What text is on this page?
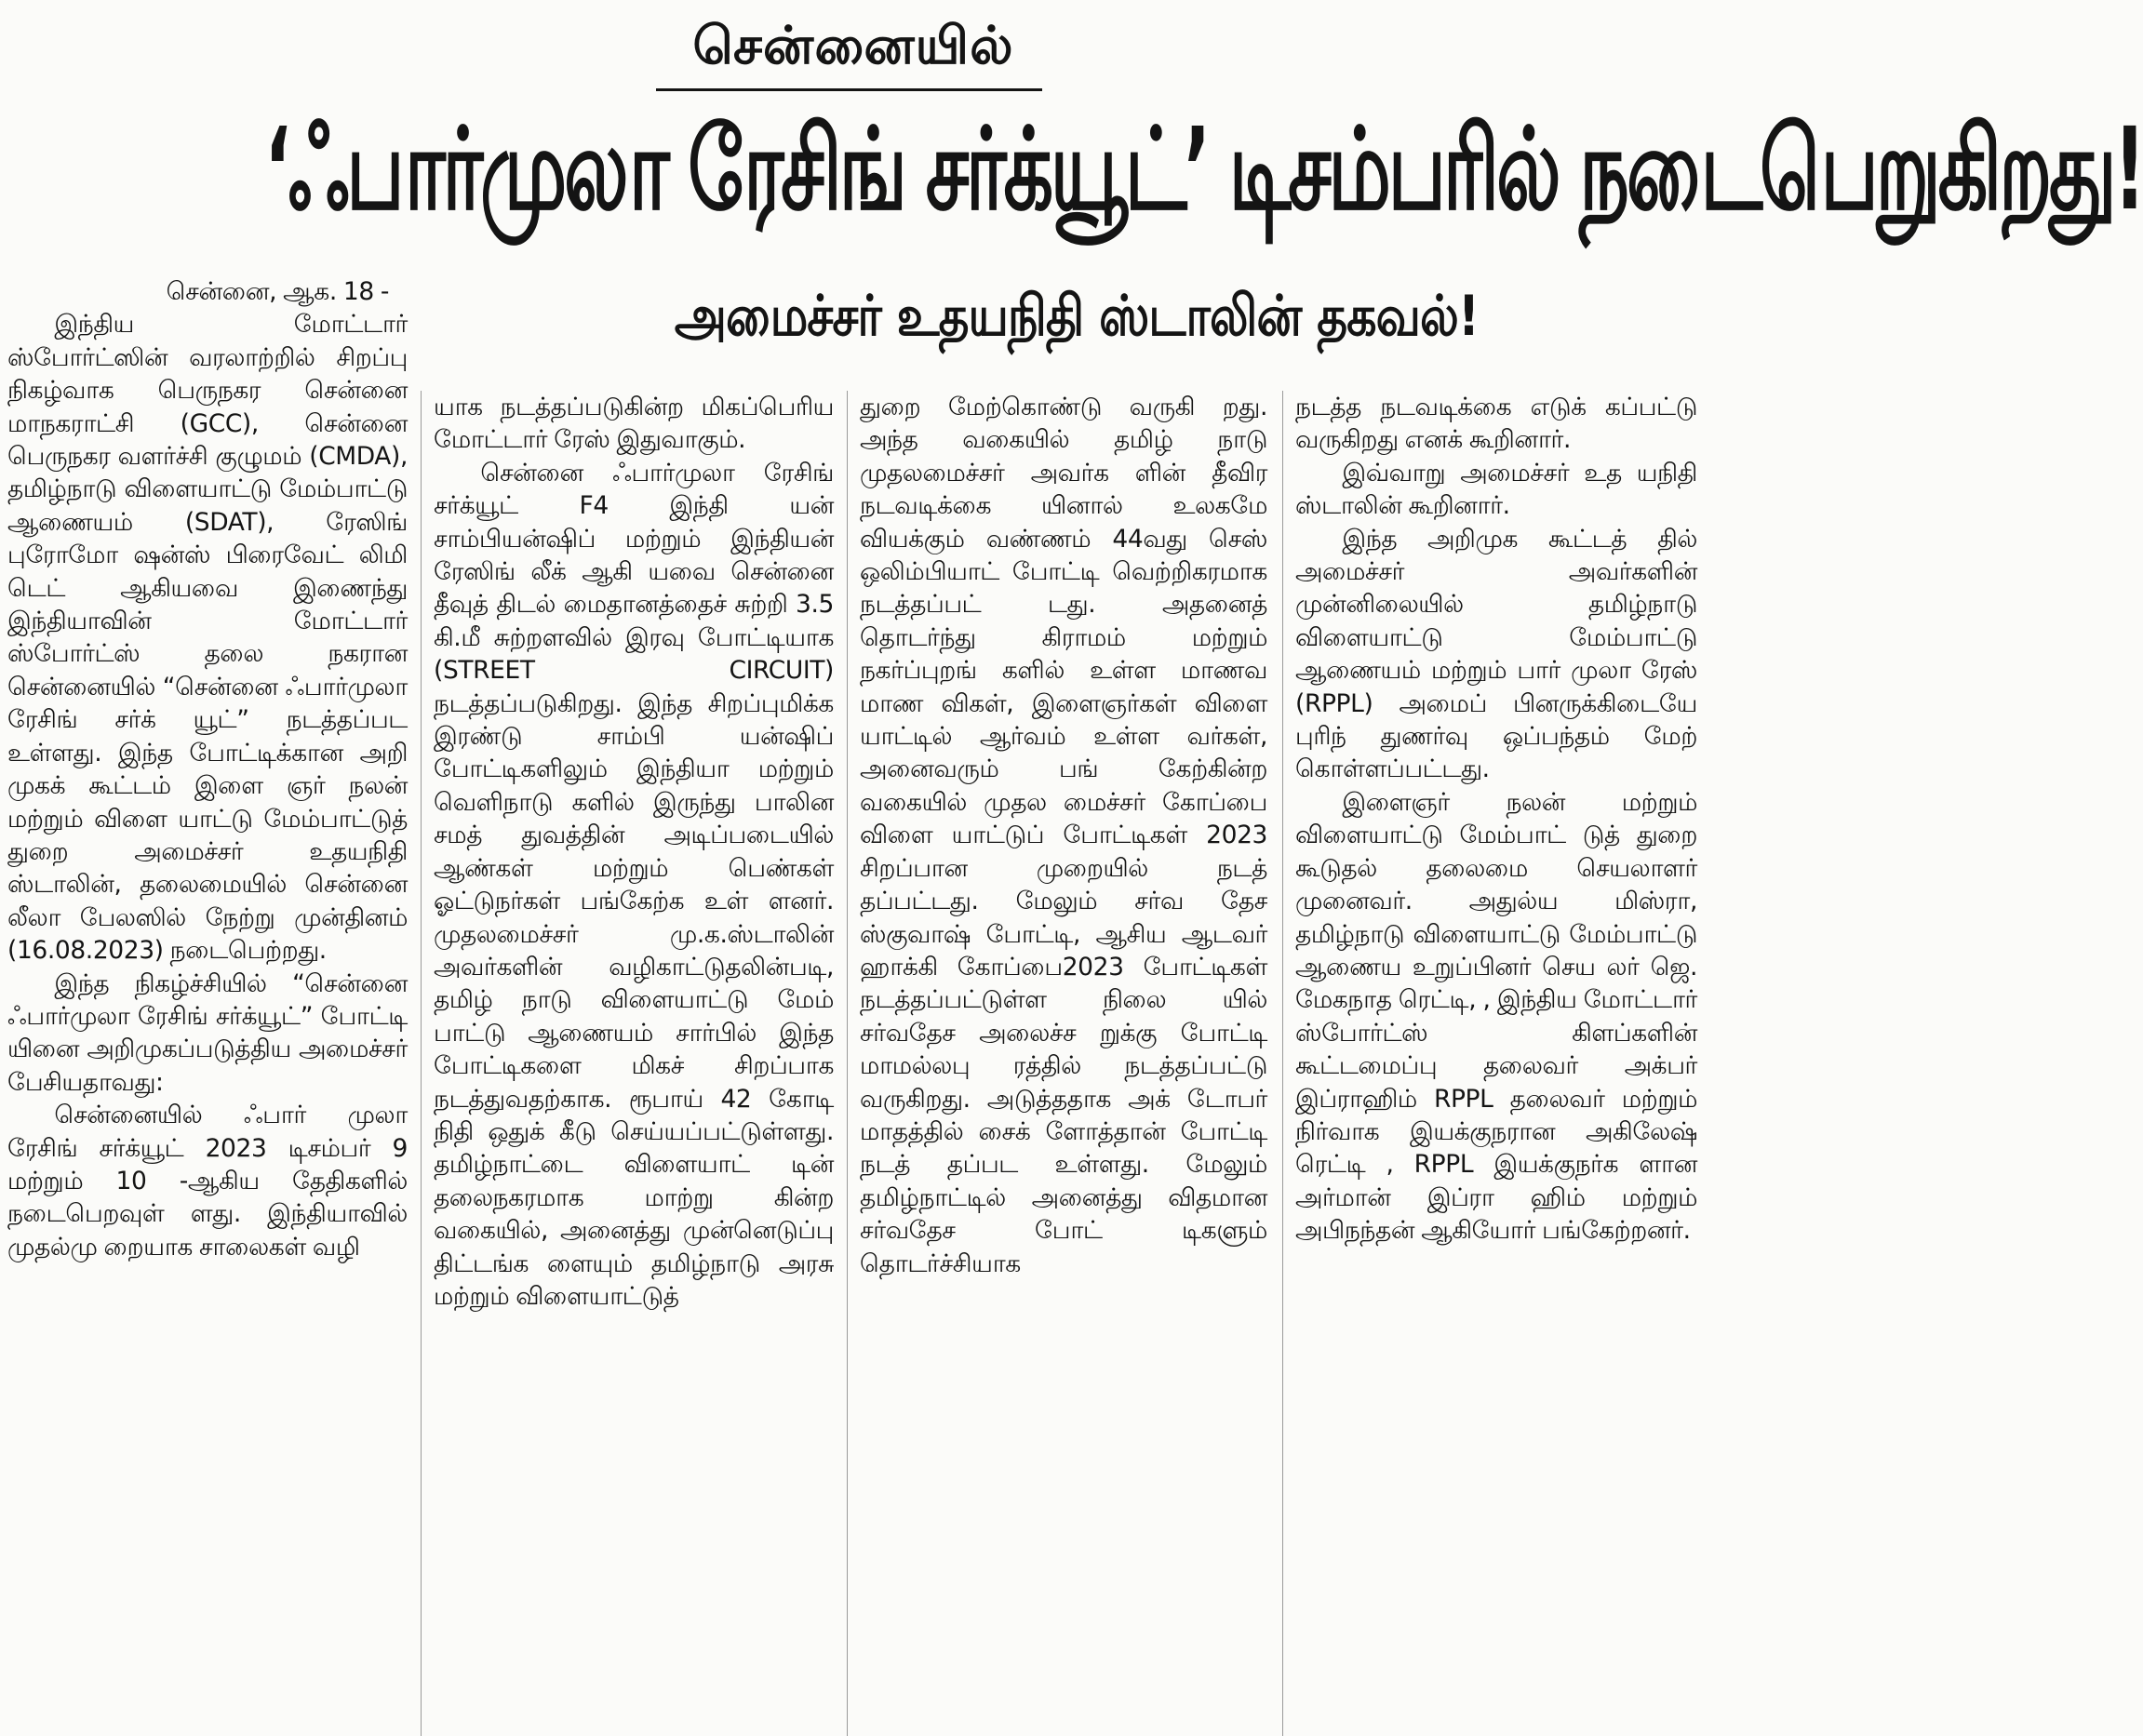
சென்னையில்
‘ஃபார்முலா ரேசிங் சர்க்யூட்’ டிசம்பரில் நடைபெறுகிறது!
அமைச்சர் உதயநிதி ஸ்டாலின் தகவல்!

சென்னை, ஆக. 18 -

இந்திய மோட்டார் ஸ்போர்ட்ஸின் வரலாற்றில் சிறப்பு நிகழ்வாக பெருநகர சென்னை மாநகராட்சி (GCC), சென்னை பெருநகர வளர்ச்சி குழுமம் (CMDA), தமிழ்நாடு விளையாட்டு மேம்பாட்டு ஆணையம் (SDAT), ரேஸிங் புரோமோ ஷன்ஸ் பிரைவேட் லிமி டெட் ஆகியவை இணைந்து இந்தியாவின் மோட்டார் ஸ்போர்ட்ஸ் தலை நகரான சென்னையில் “சென்னை ஃபார்முலா ரேசிங் சர்க் யூட்” நடத்தப்பட உள்ளது. இந்த போட்டிக்கான அறி முகக் கூட்டம் இளை ஞர் நலன் மற்றும் விளை யாட்டு மேம்பாட்டுத் துறை அமைச்சர் உதயநிதி ஸ்டாலின், தலைமையில் சென்னை லீலா பேலஸில் நேற்று முன்தினம் (16.08.2023) நடைபெற்றது.

இந்த நிகழ்ச்சியில் “சென்னை ஃபார்முலா ரேசிங் சர்க்யூட்” போட்டி யினை அறிமுகப்படுத்திய அமைச்சர் பேசியதாவது:

சென்னையில் ஃபார் முலா ரேசிங் சர்க்யூட் 2023 டிசம்பர் 9 மற்றும் 10 -ஆகிய தேதிகளில் நடைபெறவுள் ளது. இந்தியாவில் முதல்மு றையாக சாலைகள் வழி

யாக நடத்தப்படுகின்ற மிகப்பெரிய மோட்டார் ரேஸ் இதுவாகும்.

சென்னை ஃபார்முலா ரேசிங் சர்க்யூட் F4 இந்தி யன் சாம்பியன்ஷிப் மற்றும் இந்தியன் ரேஸிங் லீக் ஆகி யவை சென்னை தீவுத் திடல் மைதானத்தைச் சுற்றி 3.5 கி.மீ சுற்றளவில் இரவு போட்டியாக (STREET CIRCUIT) நடத்தப்படுகிறது. இந்த சிறப்புமிக்க இரண்டு சாம்பி யன்ஷிப் போட்டிகளிலும் இந்தியா மற்றும் வெளிநாடு களில் இருந்து பாலின சமத் துவத்தின் அடிப்படையில் ஆண்கள் மற்றும் பெண்கள் ஓட்டுநர்கள் பங்கேற்க உள் ளனர். முதலமைச்சர் மு.க.ஸ்டாலின் அவர்களின் வழிகாட்டுதலின்படி, தமிழ் நாடு விளையாட்டு மேம் பாட்டு ஆணையம் சார்பில் இந்த போட்டிகளை மிகச் சிறப்பாக நடத்துவதற்காக. ரூபாய் 42 கோடி நிதி ஒதுக் கீடு செய்யப்பட்டுள்ளது. தமிழ்நாட்டை விளையாட் டின் தலைநகரமாக மாற்று கின்ற வகையில், அனைத்து முன்னெடுப்பு திட்டங்க ளையும் தமிழ்நாடு அரசு மற்றும் விளையாட்டுத்

துறை மேற்கொண்டு வருகி றது. அந்த வகையில் தமிழ் நாடு முதலமைச்சர் அவர்க ளின் தீவிர நடவடிக்கை யினால் உலகமே வியக்கும் வண்ணம் 44வது செஸ் ஒலிம்பியாட் போட்டி வெற்றிகரமாக நடத்தப்பட் டது. அதனைத் தொடர்ந்து கிராமம் மற்றும் நகர்ப்புறங் களில் உள்ள மாணவ மாண விகள், இளைஞர்கள் விளை யாட்டில் ஆர்வம் உள்ள வர்கள், அனைவரும் பங் கேற்கின்ற வகையில் முதல மைச்சர் கோப்பை விளை யாட்டுப் போட்டிகள் 2023 சிறப்பான முறையில் நடத் தப்பட்டது. மேலும் சர்வ தேச ஸ்குவாஷ் போட்டி, ஆசிய ஆடவர் ஹாக்கி கோப்பை2023 போட்டிகள் நடத்தப்பட்டுள்ள நிலை யில் சர்வதேச அலைச்ச றுக்கு போட்டி மாமல்லபு ரத்தில் நடத்தப்பட்டு வருகிறது. அடுத்ததாக அக் டோபர் மாதத்தில் சைக் ளோத்தான் போட்டி நடத் தப்பட உள்ளது. மேலும் தமிழ்நாட்டில் அனைத்து விதமான சர்வதேச போட் டிகளும் தொடர்ச்சியாக

நடத்த நடவடிக்கை எடுக் கப்பட்டு வருகிறது எனக் கூறினார்.

இவ்வாறு அமைச்சர் உத யநிதி ஸ்டாலின் கூறினார்.

இந்த அறிமுக கூட்டத் தில் அமைச்சர் அவர்களின் முன்னிலையில் தமிழ்நாடு விளையாட்டு மேம்பாட்டு ஆணையம் மற்றும் பார் முலா ரேஸ் (RPPL) அமைப் பினருக்கிடையே புரிந் துணர்வு ஒப்பந்தம் மேற் கொள்ளப்பட்டது.

இளைஞர் நலன் மற்றும் விளையாட்டு மேம்பாட் டுத் துறை கூடுதல் தலைமை செயலாளர் முனைவர். அதுல்ய மிஸ்ரா, தமிழ்நாடு விளையாட்டு மேம்பாட்டு ஆணைய உறுப்பினர் செய லர் ஜெ. மேகநாத ரெட்டி, , இந்திய மோட்டார் ஸ்போர்ட்ஸ் கிளப்களின் கூட்டமைப்பு தலைவர் அக்பர் இப்ராஹிம் RPPL தலைவர் மற்றும் நிர்வாக இயக்குநரான அகிலேஷ் ரெட்டி , RPPL இயக்குநர்க ளான அர்மான் இப்ரா ஹிம் மற்றும் அபிநந்தன் ஆகியோர் பங்கேற்றனர்.
